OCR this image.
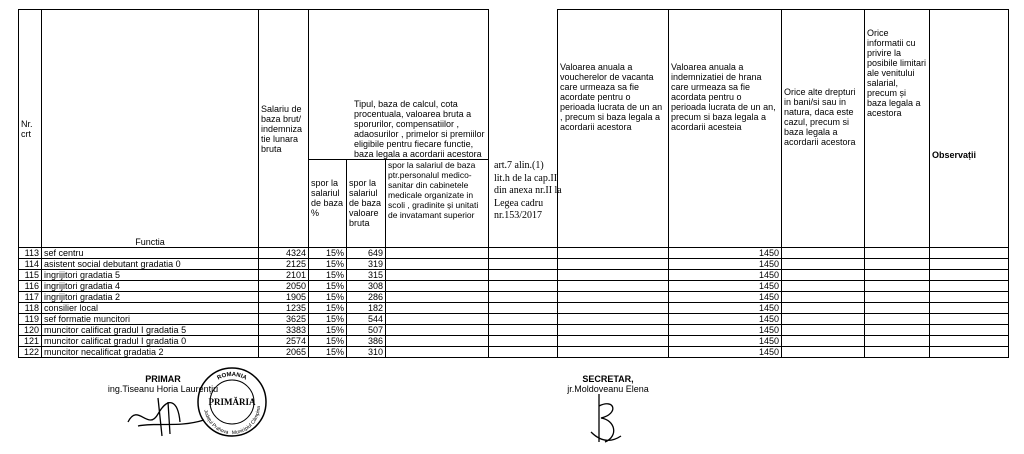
Nr. crt	Functia	Salariu de baza brut/ indemniza tie lunara bruta	Tipul, baza de calcul, cota procentuala, valoarea bruta a sporurilor, compensatiilor , adaosurilor , primelor si premiilor eligibile pentru fiecare functie, baza legala a acordarii acestora				Valoarea anuala a voucherelor de vacanta care urmeaza sa fie acordate pentru o perioada lucrata de un an , precum si baza legala a acordarii acestora	Valoarea anuala a indemnizatiei de hrana care urmeaza sa fie acordata pentru o perioada lucrata de un an, precum si baza legala a acordarii acesteia	Orice alte drepturi in bani/si sau in natura, daca este cazul, precum si baza legala a acordarii acestora	Orice informatii cu privire la posibile limitari ale venitului salarial, precum și baza legala a acestora	Observații
			spor la salariul de baza %	spor la salariul de baza valoare bruta	spor la salariul de baza ptr.personalul medico-sanitar din cabinetele medicale organizate in scoli , gradinite și unitati de invatamant superior						
113	sef centru	4324	15%	649				1450			
114	asistent social debutant gradatia 0	2125	15%	319				1450			
115	ingrijitori gradatia 5	2101	15%	315				1450			
116	ingrijitori gradatia 4	2050	15%	308				1450			
117	ingrijitori gradatia 2	1905	15%	286				1450			
118	consilier local	1235	15%	182				1450			
119	sef formatie muncitori	3625	15%	544				1450			
120	muncitor calificat gradul I gradatia 5	3383	15%	507				1450			
121	muncitor calificat gradul I gradatia 0	2574	15%	386				1450			
122	muncitor necalificat gradatia 2	2065	15%	310				1450			
art.7 alin.(1) lit.h de la cap.II din anexa nr.II la Legea cadru nr.153/2017
PRIMAR
ing.Tiseanu Horia Laurențiu
SECRETAR,
jr.Moldoveanu Elena
ROMANIA
Județul Prahova Municipiul Câmpina
PRIMĂRIA
